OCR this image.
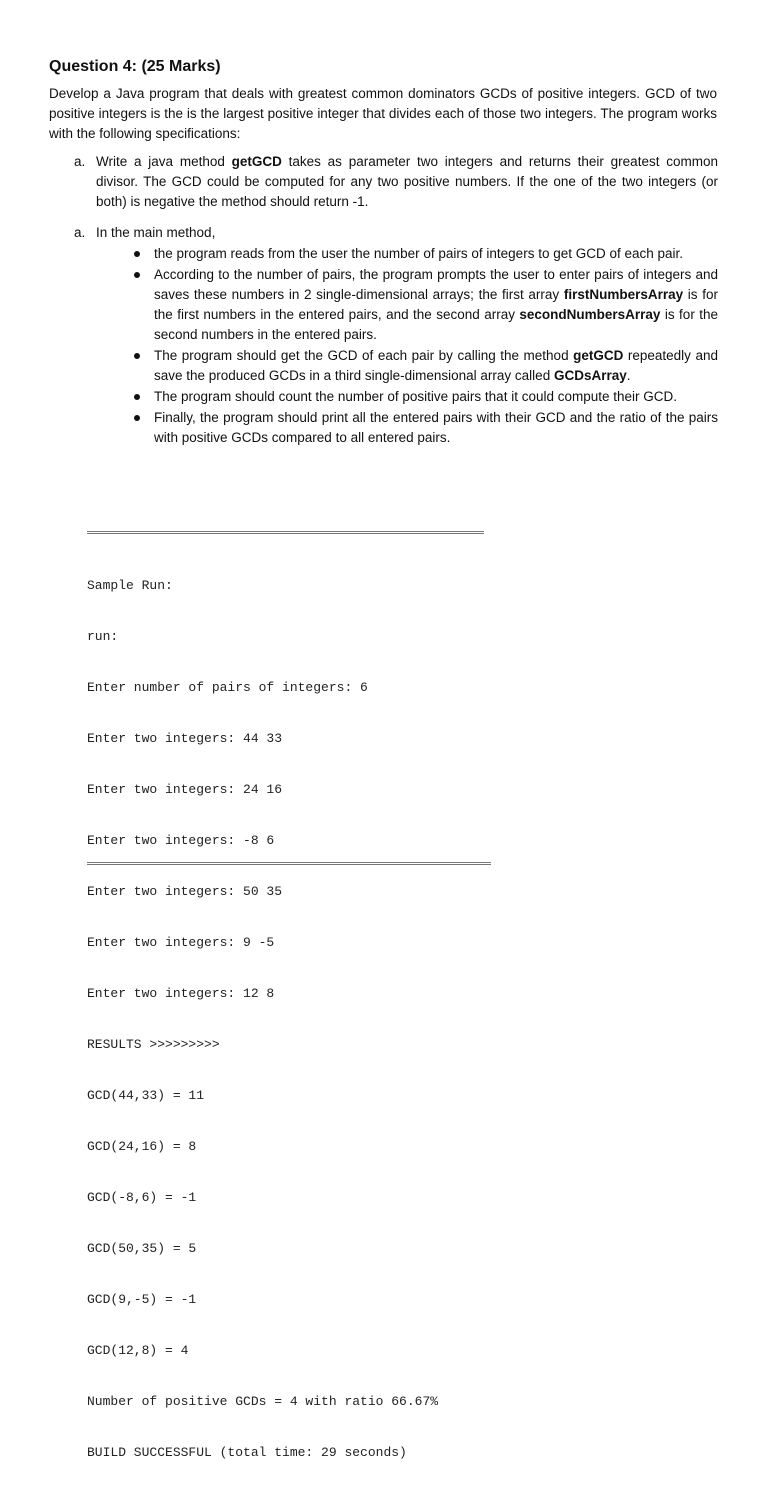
Question 4: (25 Marks)
Develop a Java program that deals with greatest common dominators GCDs of positive integers. GCD of two positive integers is the is the largest positive integer that divides each of those two integers. The program works with the following specifications:
a. Write a java method getGCD takes as parameter two integers and returns their greatest common divisor. The GCD could be computed for any two positive numbers. If the one of the two integers (or both) is negative the method should return -1.
a. In the main method,
the program reads from the user the number of pairs of integers to get GCD of each pair.
According to the number of pairs, the program prompts the user to enter pairs of integers and saves these numbers in 2 single-dimensional arrays; the first array firstNumbersArray is for the first numbers in the entered pairs, and the second array secondNumbersArray is for the second numbers in the entered pairs.
The program should get the GCD of each pair by calling the method getGCD repeatedly and save the produced GCDs in a third single-dimensional array called GCDsArray.
The program should count the number of positive pairs that it could compute their GCD.
Finally, the program should print all the entered pairs with their GCD and the ratio of the pairs with positive GCDs compared to all entered pairs.

Sample Run:

run:

Enter number of pairs of integers: 6

Enter two integers: 44 33

Enter two integers: 24 16

Enter two integers: -8 6

Enter two integers: 50 35

Enter two integers: 9 -5

Enter two integers: 12 8

RESULTS >>>>>>>>>

GCD(44,33) = 11

GCD(24,16) = 8

GCD(-8,6) = -1

GCD(50,35) = 5

GCD(9,-5) = -1

GCD(12,8) = 4

Number of positive GCDs = 4 with ratio 66.67%

BUILD SUCCESSFUL (total time: 29 seconds)
